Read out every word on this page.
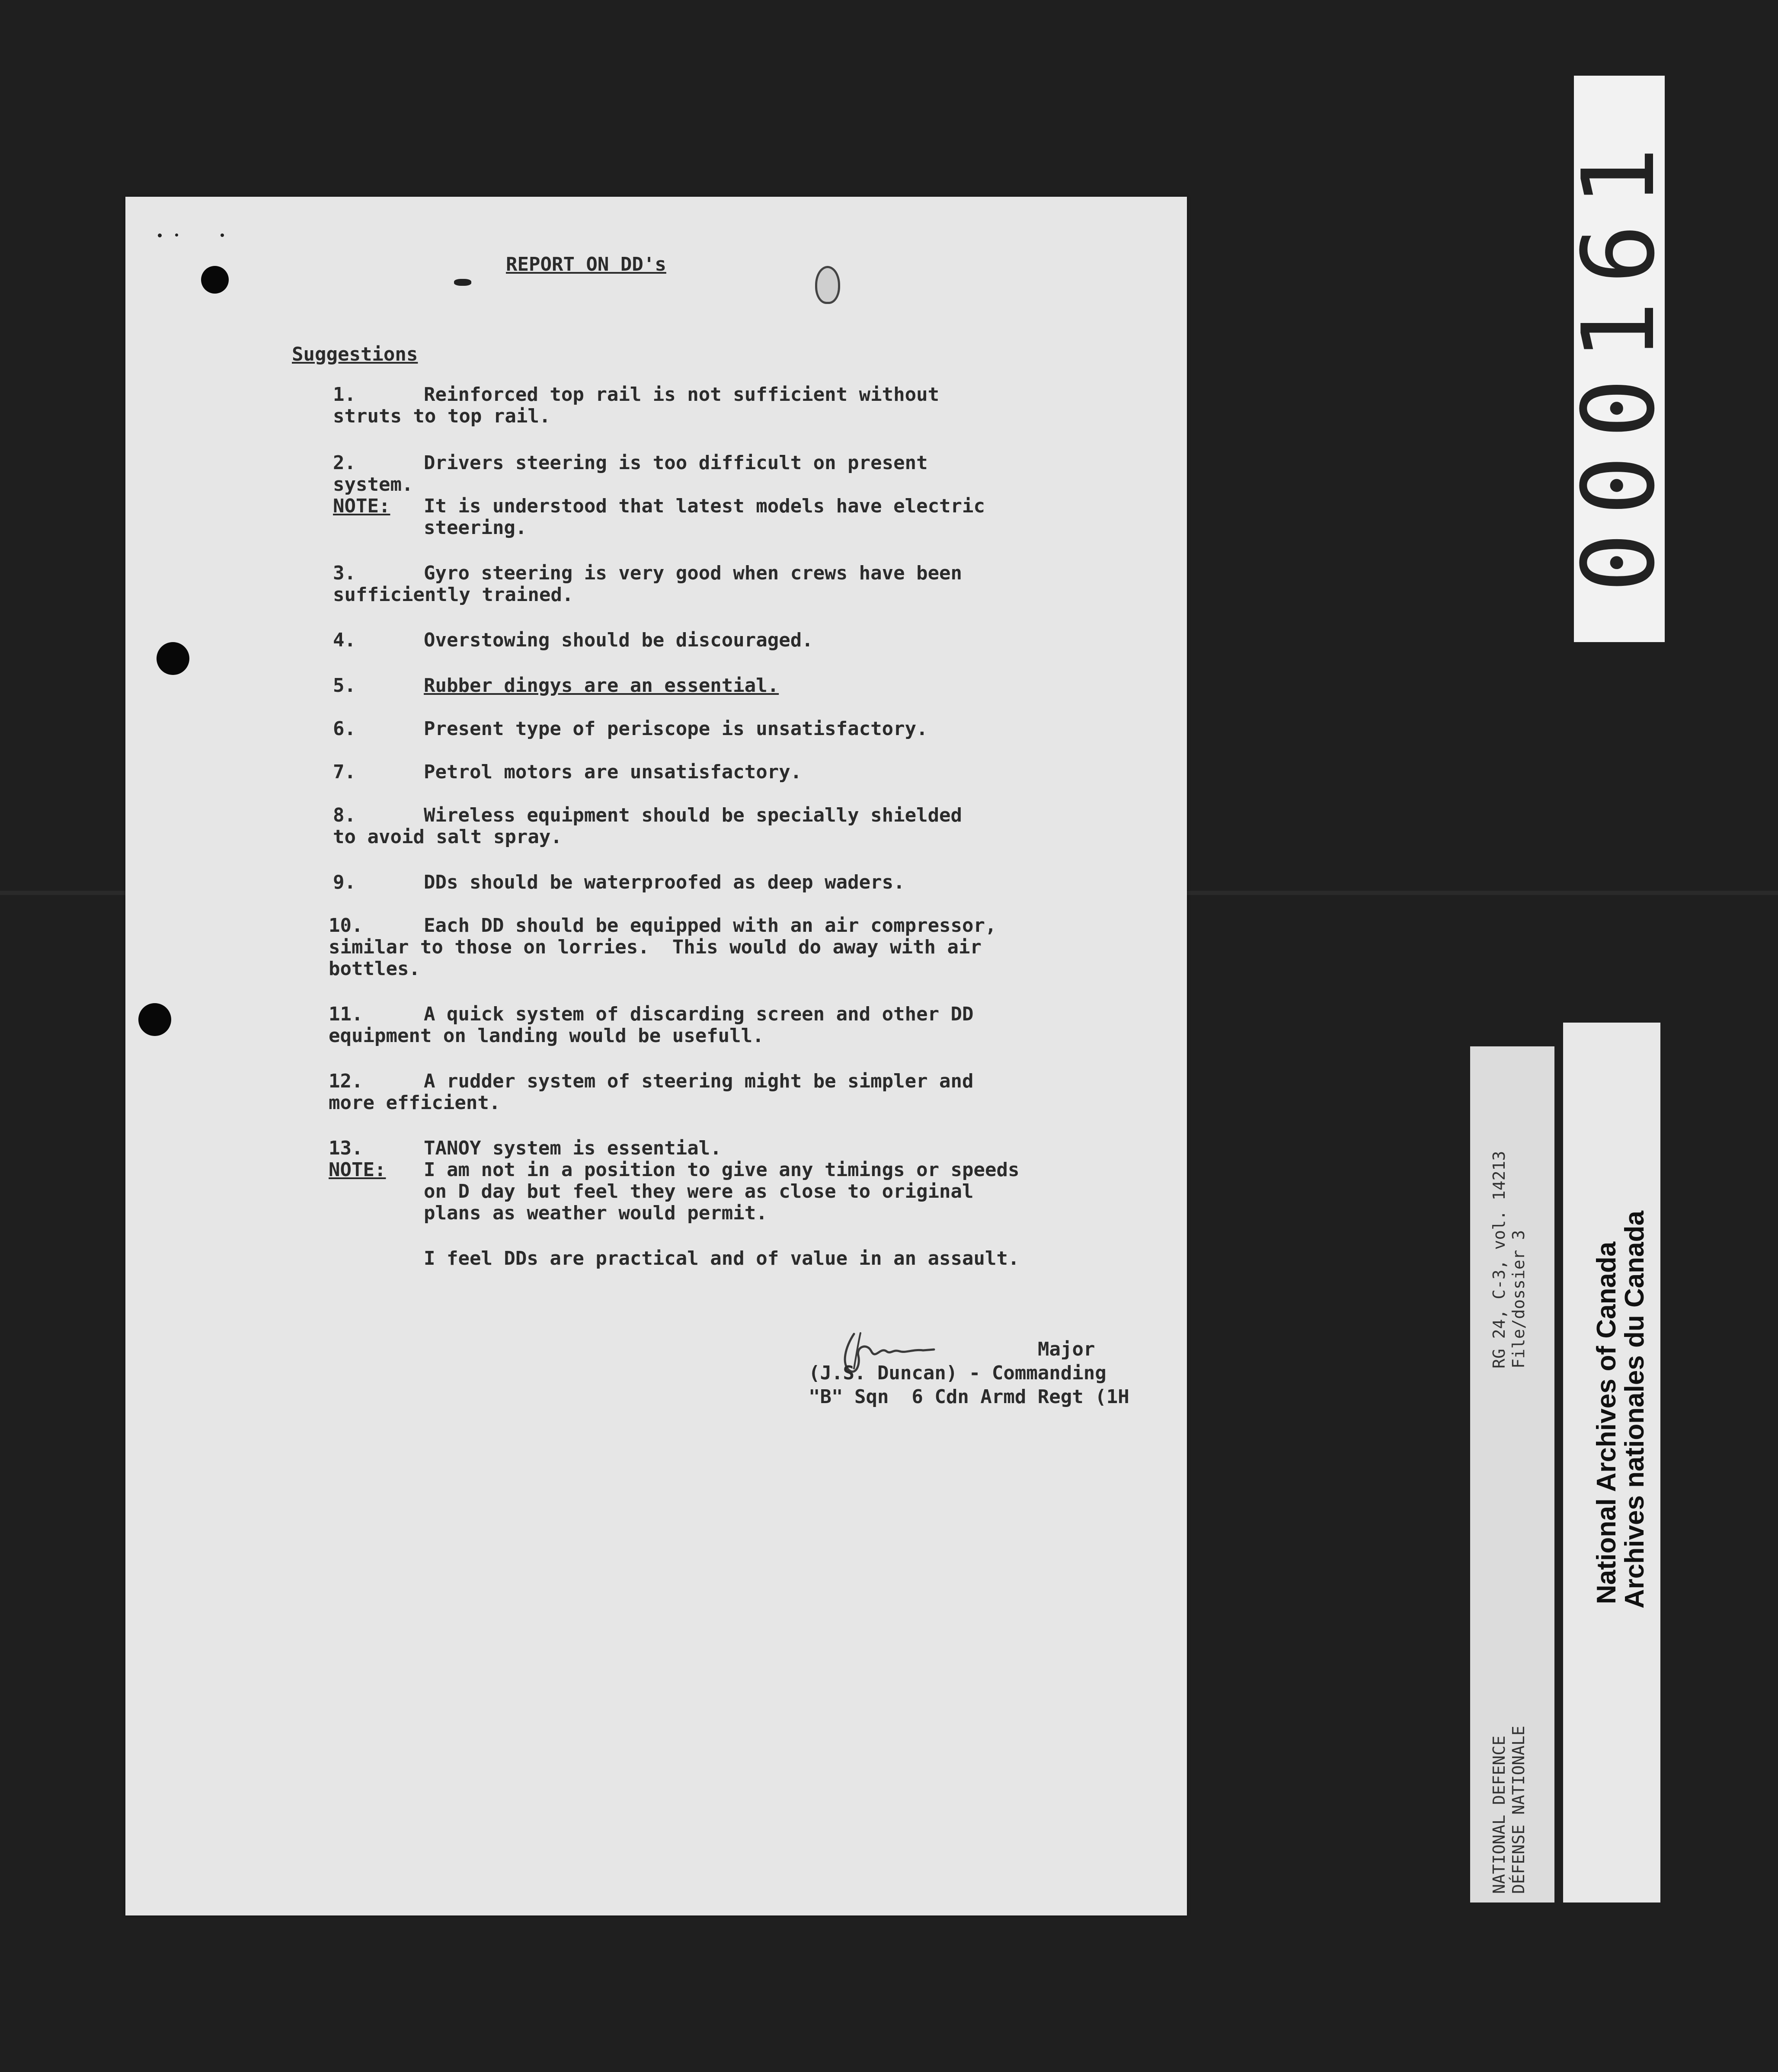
REPORT ON DD's
Suggestions
1.	Reinforced top rail is not sufficient without
struts to top rail.
2.	Drivers steering is too difficult on present
system.
NOTE: It is understood that latest models have electric
steering.
3.	Gyro steering is very good when crews have been
sufficiently trained.
4.	Overstowing should be discouraged.
5.	Rubber dingys are an essential.
6.	Present type of periscope is unsatisfactory.
7.	Petrol motors are unsatisfactory.
8.	Wireless equipment should be specially shielded
to avoid salt spray.
9.	DDs should be waterproofed as deep waders.
10.	Each DD should be equipped with an air compressor,
similar to those on lorries.  This would do away with air
bottles.
11.	A quick system of discarding screen and other DD
equipment on landing would be usefull.
12.	A rudder system of steering might be simpler and
more efficient.
13.	TANOY system is essential.
NOTE: I am not in a position to give any timings or speeds
on D day but feel they were as close to original
plans as weather would permit.
I feel DDs are practical and of value in an assault.
Major
(J.S. Duncan) - Commanding
"B" Sqn  6 Cdn Armd Regt (1H
000161
RG 24, C-3, vol. 14213 File/dossier 3
NATIONAL DEFENCE DÉFENSE NATIONALE
National Archives of Canada
Archives nationales du Canada
